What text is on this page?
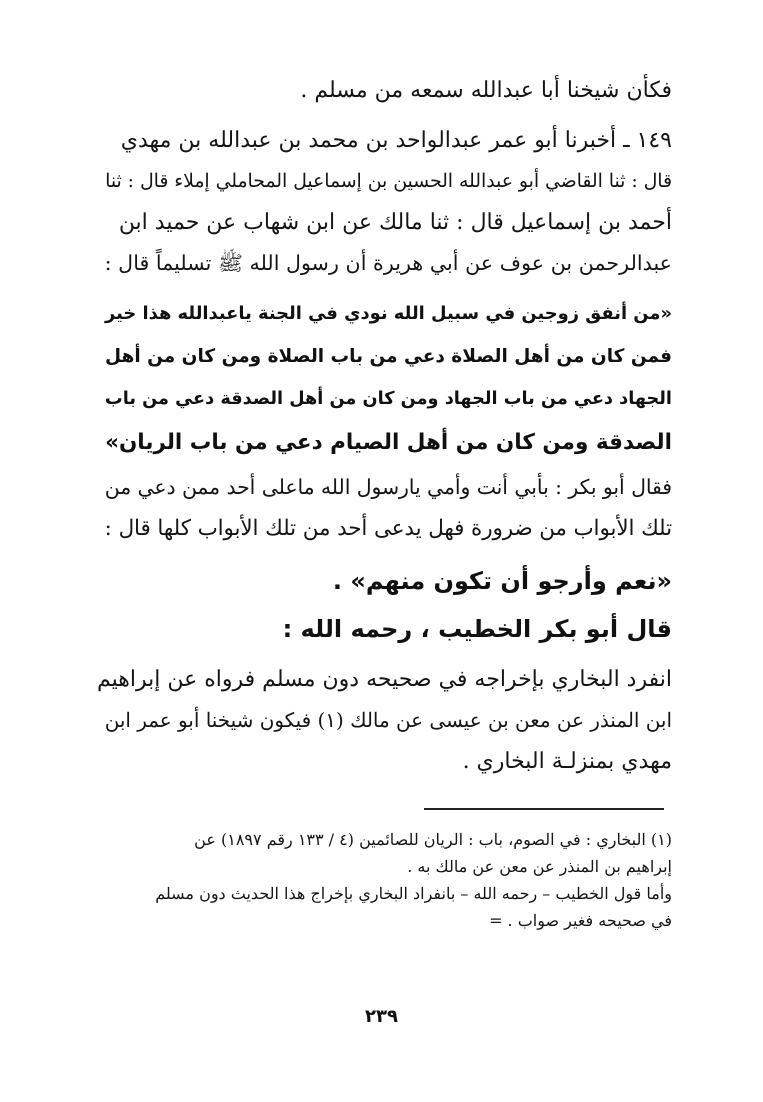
فكأن شيخنا أبا عبدالله سمعه من مسلم .
١٤٩ ـ أخبرنا أبو عمر عبدالواحد بن محمد بن عبدالله بن مهدي
قال : ثنا القاضي أبو عبدالله الحسين بن إسماعيل المحاملي إملاء قال : ثنا
أحمد بن إسماعيل قال : ثنا مالك عن ابن شهاب عن حميد ابن
عبدالرحمن بن عوف عن أبي هريرة أن رسول الله ﷺ تسليماً قال :
«من أنفق زوجين في سبيل الله نودي في الجنة ياعبدالله هذا خير
فمن كان من أهل الصلاة دعي من باب الصلاة ومن كان من أهل
الجهاد دعي من باب الجهاد ومن كان من أهل الصدقة دعي من باب
الصدقة ومن كان من أهل الصيام دعي من باب الريان»
فقال أبو بكر : بأبي أنت وأمي يارسول الله ماعلى أحد ممن دعي من
تلك الأبواب من ضرورة فهل يدعى أحد من تلك الأبواب كلها قال :
«نعم وأرجو أن تكون منهم» .
قال أبو بكر الخطيب ، رحمه الله :
انفرد البخاري بإخراجه في صحيحه دون مسلم فرواه عن إبراهيم
ابن المنذر عن معن بن عيسى عن مالك (١) فيكون شيخنا أبو عمر ابن
مهدي بمنزلـة البخاري .
(١) البخاري : في الصوم، باب : الريان للصائمين (٤ / ١٣٣ رقم ١٨٩٧) عن
إبراهيم بن المنذر عن معن عن مالك به .
وأما قول الخطيب – رحمه الله – بانفراد البخاري بإخراج هذا الحديث دون مسلم
في صحيحه فغير صواب . =
٢٣٩
